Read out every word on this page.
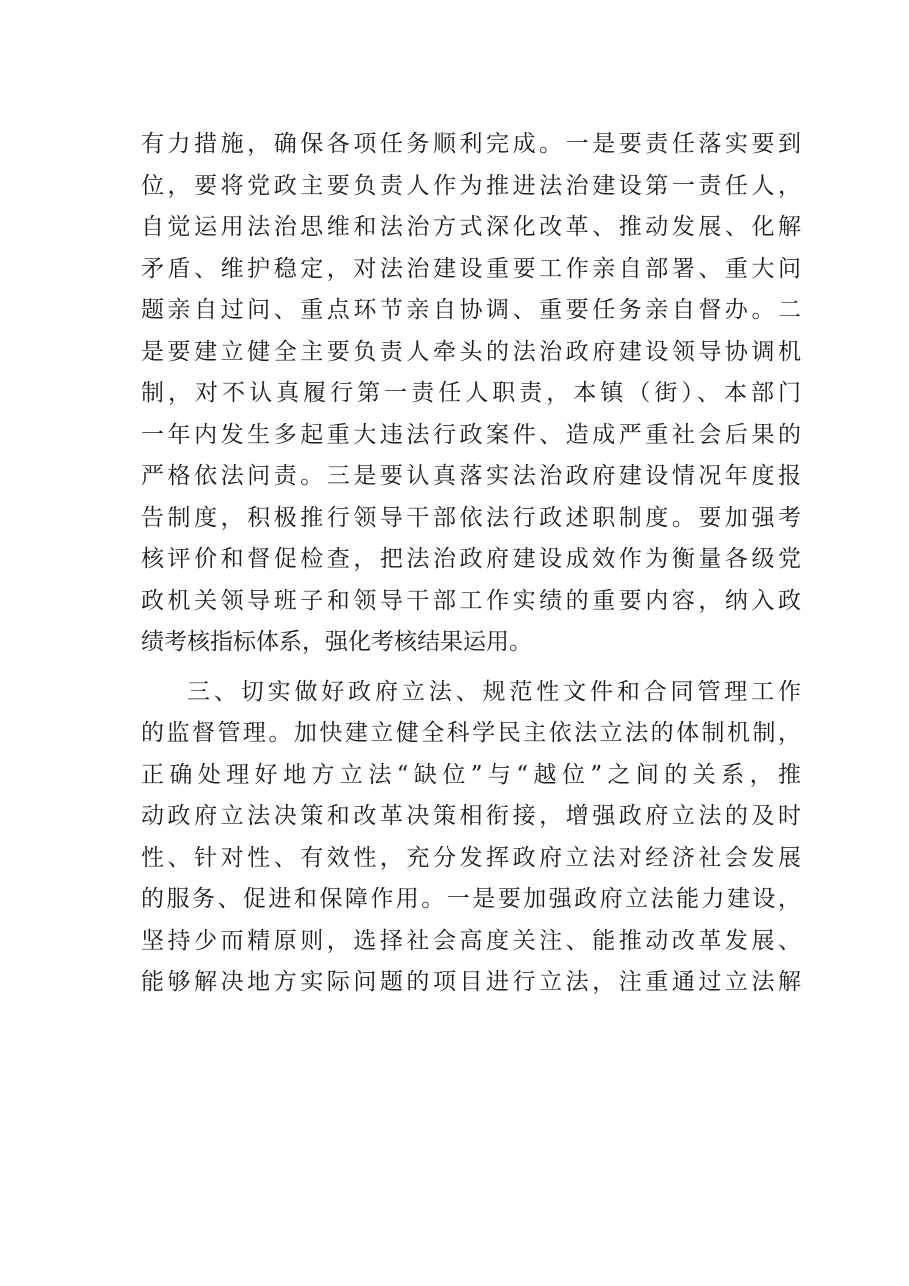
有力措施，确保各项任务顺利完成。一是要责任落实要到
位，要将党政主要负责人作为推进法治建设第一责任人，
自觉运用法治思维和法治方式深化改革、推动发展、化解
矛盾、维护稳定，对法治建设重要工作亲自部署、重大问
题亲自过问、重点环节亲自协调、重要任务亲自督办。二
是要建立健全主要负责人牵头的法治政府建设领导协调机
制，对不认真履行第一责任人职责，本镇（街）、本部门
一年内发生多起重大违法行政案件、造成严重社会后果的
严格依法问责。三是要认真落实法治政府建设情况年度报
告制度，积极推行领导干部依法行政述职制度。要加强考
核评价和督促检查，把法治政府建设成效作为衡量各级党
政机关领导班子和领导干部工作实绩的重要内容，纳入政
绩考核指标体系，强化考核结果运用。
三、切实做好政府立法、规范性文件和合同管理工作
的监督管理。加快建立健全科学民主依法立法的体制机制，
正确处理好地方立法“缺位”与“越位”之间的关系，推
动政府立法决策和改革决策相衔接，增强政府立法的及时
性、针对性、有效性，充分发挥政府立法对经济社会发展
的服务、促进和保障作用。一是要加强政府立法能力建设，
坚持少而精原则，选择社会高度关注、能推动改革发展、
能够解决地方实际问题的项目进行立法，注重通过立法解
